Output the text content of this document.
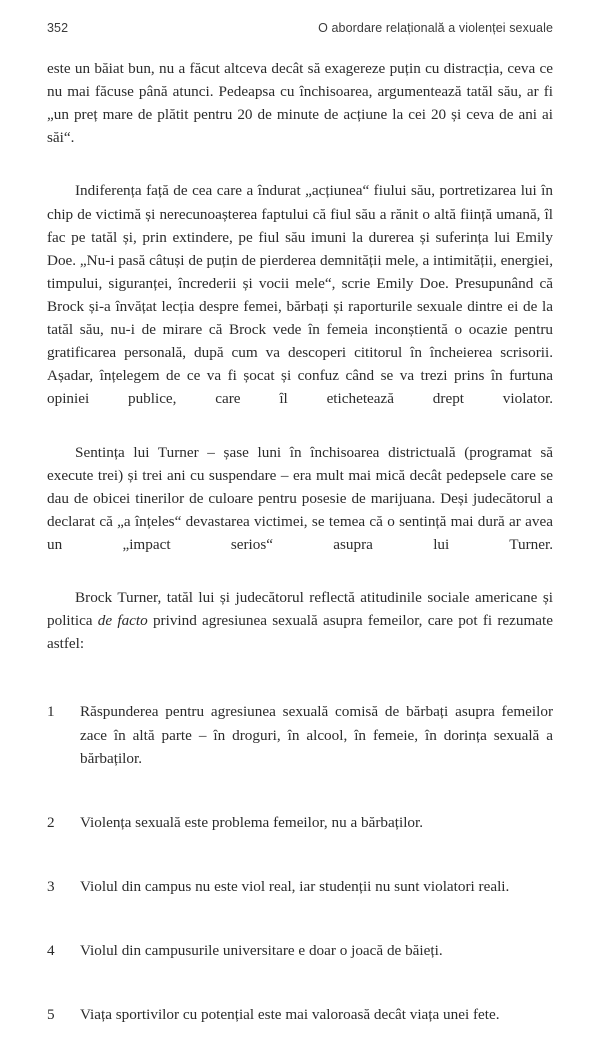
352	O abordare relațională a violenței sexuale

este un băiat bun, nu a făcut altceva decât să exagereze puțin cu distracția, ceva ce nu mai făcuse până atunci. Pedeapsa cu închisoarea, argumentează tatăl său, ar fi „un preț mare de plătit pentru 20 de minute de acțiune la cei 20 și ceva de ani ai săi“.

Indiferența față de cea care a îndurat „acțiunea“ fiului său, portretizarea lui în chip de victimă și nerecunoașterea faptului că fiul său a rănit o altă ființă umană, îl fac pe tatăl și, prin extindere, pe fiul său imuni la durerea și suferința lui Emily Doe. „Nu-i pasă câtuși de puțin de pierderea demnității mele, a intimității, energiei, timpului, siguranței, încrederii și vocii mele“, scrie Emily Doe. Presupunând că Brock și-a învățat lecția despre femei, bărbați și raporturile sexuale dintre ei de la tatăl său, nu-i de mirare că Brock vede în femeia inconștientă o ocazie pentru gratificarea personală, după cum va descoperi cititorul în încheierea scrisorii. Așadar, înțelegem de ce va fi șocat și confuz când se va trezi prins în furtuna opiniei publice, care îl etichetează drept violator.

Sentința lui Turner – șase luni în închisoarea districtuală (programat să execute trei) și trei ani cu suspendare – era mult mai mică decât pedepsele care se dau de obicei tinerilor de culoare pentru posesie de marijuana. Deși judecătorul a declarat că „a înțeles“ devastarea victimei, se temea că o sentință mai dură ar avea un „impact serios“ asupra lui Turner.

Brock Turner, tatăl lui și judecătorul reflectă atitudinile sociale americane și politica de facto privind agresiunea sexuală asupra femeilor, care pot fi rezumate astfel:

1	Răspunderea pentru agresiunea sexuală comisă de bărbați asupra femeilor zace în altă parte – în droguri, în alcool, în femeie, în dorința sexuală a bărbaților.
2	Violența sexuală este problema femeilor, nu a bărbaților.
3	Violul din campus nu este viol real, iar studenții nu sunt violatori reali.
4	Violul din campusurile universitare e doar o joacă de băieți.
5	Viața sportivilor cu potențial este mai valoroasă decât viața unei fete.
